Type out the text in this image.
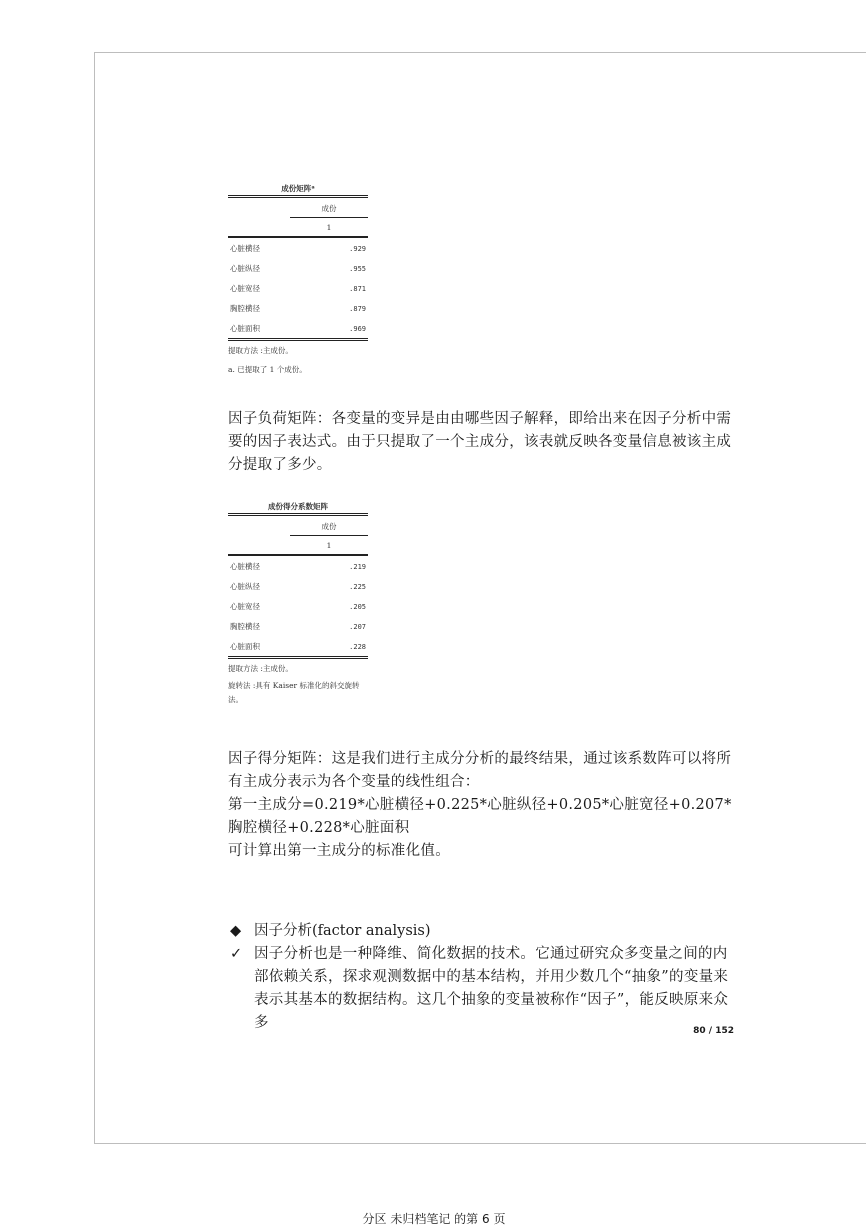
成份矩阵ᵃ
成份
1
心脏横径	.929
心脏纵径	.955
心脏宽径	.871
胸腔横径	.879
心脏面积	.969
提取方法 :主成份。
a. 已提取了 1 个成份。

因子负荷矩阵：各变量的变异是由由哪些因子解释，即给出来在因子分析中需要的因子表达式。由于只提取了一个主成分，该表就反映各变量信息被该主成分提取了多少。

成份得分系数矩阵
成份
1
心脏横径	.219
心脏纵径	.225
心脏宽径	.205
胸腔横径	.207
心脏面积	.228
提取方法 :主成份。
旋转法 :具有 Kaiser 标准化的斜交旋转法。

因子得分矩阵：这是我们进行主成分分析的最终结果，通过该系数阵可以将所有主成分表示为各个变量的线性组合：

第一主成分=0.219*心脏横径+0.225*心脏纵径+0.205*心脏宽径+0.207*胸腔横径+0.228*心脏面积

可计算出第一主成分的标准化值。

◆ 因子分析(factor analysis)
✓ 因子分析也是一种降维、简化数据的技术。它通过研究众多变量之间的内部依赖关系，探求观测数据中的基本结构，并用少数几个“抽象”的变量来表示其基本的数据结构。这几个抽象的变量被称作“因子”，能反映原来众多	80 / 152
分区 未归档笔记 的第 6 页
